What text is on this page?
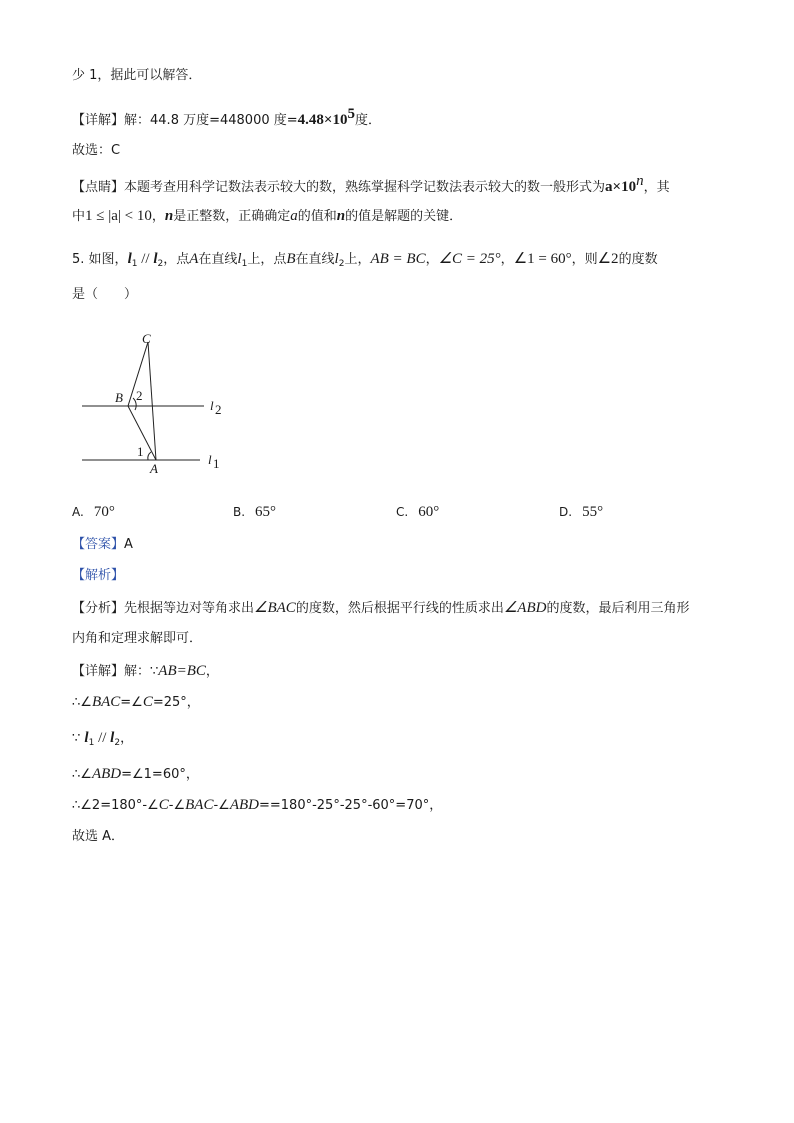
少 1，据此可以解答．
【详解】解：44.8 万度=448000 度$=4.48\times 10^5$度．
故选：C
【点睛】本题考查用科学记数法表示较大的数，熟练掌握科学记数法表示较大的数一般形式为$a\times 10^n$，其
中1 ≤ |a| < 10，n是正整数，正确确定a的值和n的值是解题的关键．
5. 如图，$l_1 // l_2$，点A在直线$l_1$上，点B在直线$l_2$上，AB = BC，∠C = 25°，∠1 = 60°，则∠2的度数
是（　　）
C
B 2
1
A
l 2
l 1
A. 70°	B. 65°	C. 60°	D. 55°
【答案】A
【解析】
【分析】先根据等边对等角求出∠BAC的度数，然后根据平行线的性质求出∠ABD的度数，最后利用三角形
内角和定理求解即可．
【详解】解：∵AB=BC，
∴∠BAC=∠C=25°，
∵ $l_1 // l_2$，
∴∠ABD=∠1=60°，
∴∠2=180°-∠C-∠BAC-∠ABD==180°-25°-25°-60°=70°，
故选 A．
